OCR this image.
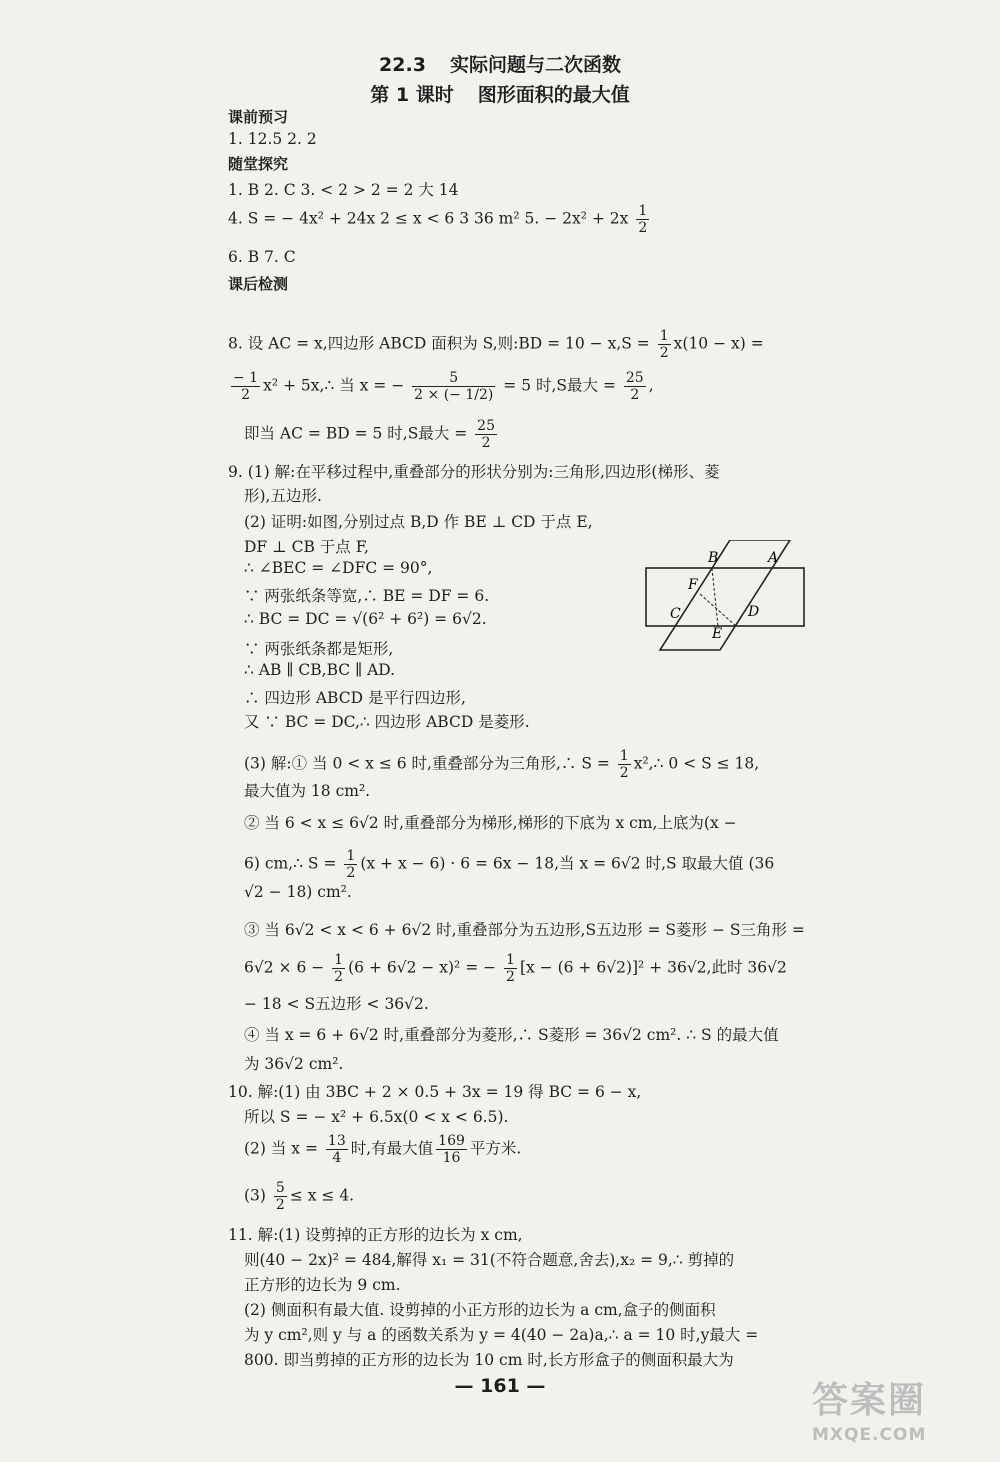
22.3 实际问题与二次函数
第 1 课时 图形面积的最大值
课前预习
1. 12.5 2. 2
随堂探究
1. B 2. C 3. < 2 > 2 = 2 大 14
4. S = − 4x² + 24x 2 ≤ x < 6 3 36 m² 5. − $2x^2 + 2x \frac{1}{2}$
6. B 7. C
课后检测
8. 设 AC = x,四边形 ABCD 面积为 S,则:BD = $10 - x,S = \frac{1}{2} x(10 - x)$ =
$\frac{- 1}{2} x^2$ + 5x,∴ 当 x = − $\frac{5}{2 \times (- 1/2)} = 5$ 时,S最大 = $\frac{25}{2}$ ,
即当 AC = BD = 5 时,S最大 = $\frac{25}{2}$
9. (1) 解:在平移过程中,重叠部分的形状分别为:三角形,四边形(梯形、菱
形),五边形.
(2) 证明:如图,分别过点 B,D 作 BE ⊥ CD 于点 E,
DF ⊥ CB 于点 F,
∴ ∠BEC = ∠DFC = 90°,
∵ 两张纸条等宽,∴ BE = DF = 6.
∴ BC = DC = √(6² + 6²) = 6√2.
∵ 两张纸条都是矩形,
∴ AB ∥ CB,BC ∥ AD.
∴ 四边形 ABCD 是平行四边形,
又 ∵ BC = DC,∴ 四边形 ABCD 是菱形.
B	A
F
C	D
E
(3) 解:① 当 0 < x ≤ 6 时,重叠部分为三角形,∴ $S = \frac{1}{2}$ x²,∴ 0 < S ≤ 18,
最大值为 18 cm².
② 当 6 < x ≤ 6√2 时,重叠部分为梯形,梯形的下底为 x cm,上底为(x −
6) cm,∴ $S = \frac{1}{2} (x + x - 6) \cdot 6 = 6x - 18$,当 x = 6√2 时,S 取最大值 (36
√2 − 18) cm².
③ 当 6√2 < x < 6 + 6√2 时,重叠部分为五边形,S五边形 = S菱形 − S三角形 =
$6√2 \times 6 - \frac{1}{2} (6 + 6√2 - x)^2$ = − $\frac{1}{2} [x - (6 + 6√2)]^2 + 36√2$,此时 36√2
− 18 < S五边形 < 36√2.
④ 当 x = 6 + 6√2 时,重叠部分为菱形,∴ S菱形 = 36√2 cm². ∴ S 的最大值
为 36√2 cm².
10. 解:(1) 由 3BC + 2 × 0.5 + 3x = 19 得 BC = 6 − x,
所以 S = − x² + 6.5x(0 < x < 6.5).
(2) 当 $x = \frac{13}{4}$ 时,有最大值 $\frac{169}{16}$ 平方米.
$(3) \frac{5}{2} \le x \le 4$.
11. 解:(1) 设剪掉的正方形的边长为 x cm,
则(40 − 2x)² = 484,解得 x₁ = 31(不符合题意,舍去),x₂ = 9,∴ 剪掉的
正方形的边长为 9 cm.
(2) 侧面积有最大值. 设剪掉的小正方形的边长为 a cm,盒子的侧面积
为 y cm²,则 y 与 a 的函数关系为 y = 4(40 − 2a)a,∴ a = 10 时,y最大 =
800. 即当剪掉的正方形的边长为 10 cm 时,长方形盒子的侧面积最大为
— 161 —	答案圈
MXQE.COM
